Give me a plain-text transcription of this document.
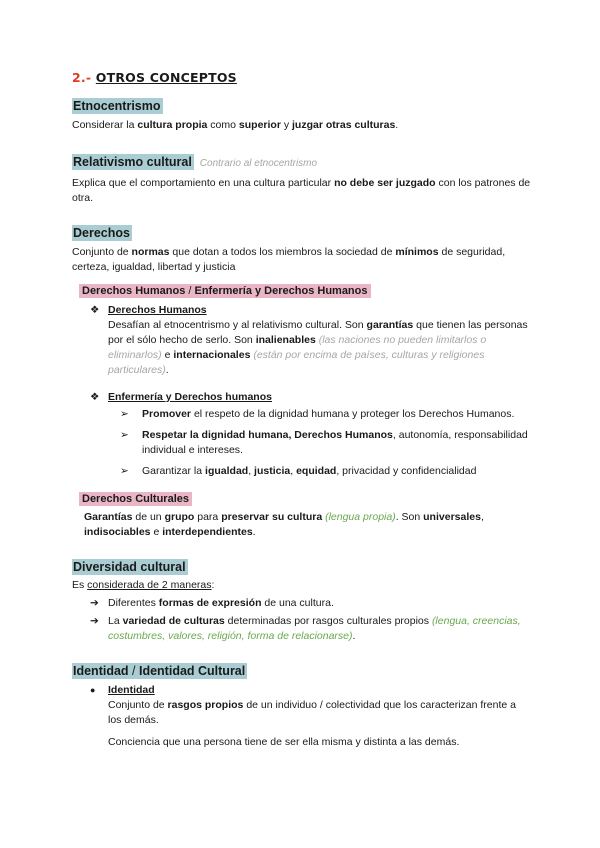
2.- OTROS CONCEPTOS
Etnocentrismo

Considerar la cultura propia como superior y juzgar otras culturas.

Relativismo cultural Contrario al etnocentrismo

Explica que el comportamiento en una cultura particular no debe ser juzgado con los patrones de otra.

Derechos

Conjunto de normas que dotan a todos los miembros la sociedad de mínimos de seguridad, certeza, igualdad, libertad y justicia

Derechos Humanos / Enfermería y Derechos Humanos
❖ Derechos Humanos

Desafían al etnocentrismo y al relativismo cultural. Son garantías que tienen las personas por el sólo hecho de serlo. Son inalienables (las naciones no pueden limitarlos o eliminarlos) e internacionales (están por encima de países, culturas y religiones particulares).

❖ Enfermería y Derechos humanos

➢	Promover el respeto de la dignidad humana y proteger los Derechos Humanos.

➢	Respetar la dignidad humana, Derechos Humanos, autonomía, responsabilidad individual e intereses.

➢	Garantizar la igualdad, justicia, equidad, privacidad y confidencialidad

Derechos Culturales

Garantías de un grupo para preservar su cultura (lengua propia). Son universales, indisociables e interdependientes.

Diversidad cultural

Es considerada de 2 maneras:

➔ Diferentes formas de expresión de una cultura.

➔ La variedad de culturas determinadas por rasgos culturales propios (lengua, creencias, costumbres, valores, religión, forma de relacionarse).

Identidad / Identidad Cultural
●	Identidad

Conjunto de rasgos propios de un individuo / colectividad que los caracterizan frente a los demás.

Conciencia que una persona tiene de ser ella misma y distinta a las demás.
